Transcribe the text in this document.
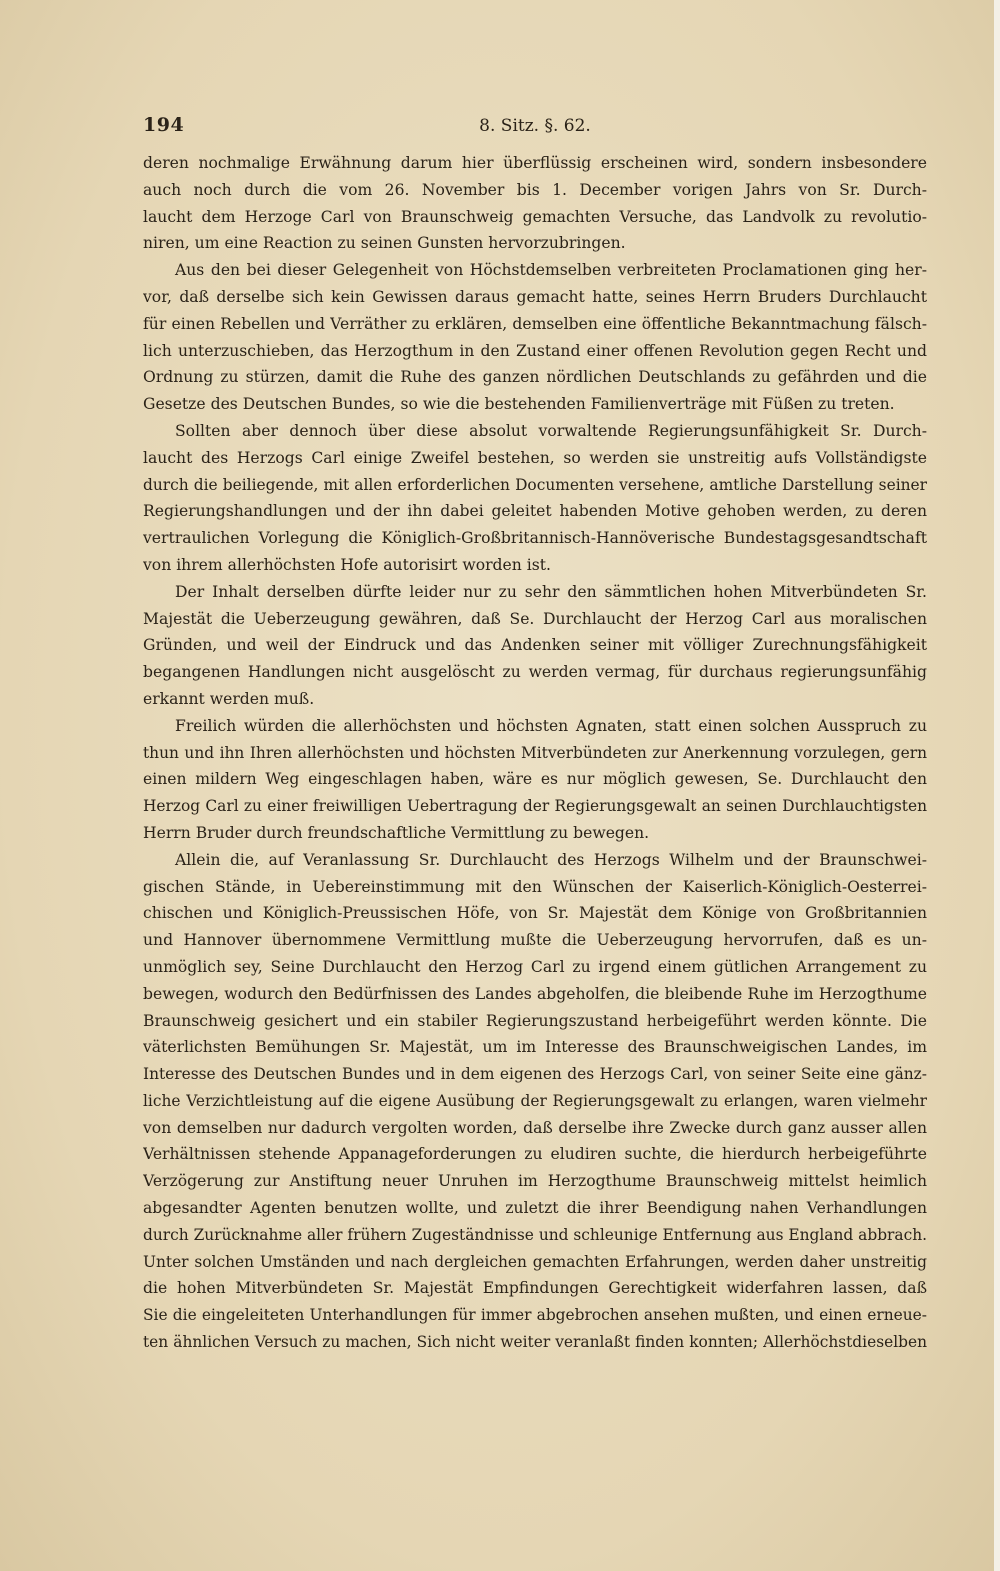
194	8. Sitz. §. 62.
deren nochmalige Erwähnung darum hier überflüssig erscheinen wird, sondern insbesondere
auch noch durch die vom 26. November bis 1. December vorigen Jahrs von Sr. Durch-
laucht dem Herzoge Carl von Braunschweig gemachten Versuche, das Landvolk zu revolutio-
niren, um eine Reaction zu seinen Gunsten hervorzubringen.
Aus den bei dieser Gelegenheit von Höchstdemselben verbreiteten Proclamationen ging her-
vor, daß derselbe sich kein Gewissen daraus gemacht hatte, seines Herrn Bruders Durchlaucht
für einen Rebellen und Verräther zu erklären, demselben eine öffentliche Bekanntmachung fälsch-
lich unterzuschieben, das Herzogthum in den Zustand einer offenen Revolution gegen Recht und
Ordnung zu stürzen, damit die Ruhe des ganzen nördlichen Deutschlands zu gefährden und die
Gesetze des Deutschen Bundes, so wie die bestehenden Familienverträge mit Füßen zu treten.
Sollten aber dennoch über diese absolut vorwaltende Regierungsunfähigkeit Sr. Durch-
laucht des Herzogs Carl einige Zweifel bestehen, so werden sie unstreitig aufs Vollständigste
durch die beiliegende, mit allen erforderlichen Documenten versehene, amtliche Darstellung seiner
Regierungshandlungen und der ihn dabei geleitet habenden Motive gehoben werden, zu deren
vertraulichen Vorlegung die Königlich-Großbritannisch-Hannöverische Bundestagsgesandtschaft
von ihrem allerhöchsten Hofe autorisirt worden ist.
Der Inhalt derselben dürfte leider nur zu sehr den sämmtlichen hohen Mitverbündeten Sr.
Majestät die Ueberzeugung gewähren, daß Se. Durchlaucht der Herzog Carl aus moralischen
Gründen, und weil der Eindruck und das Andenken seiner mit völliger Zurechnungsfähigkeit
begangenen Handlungen nicht ausgelöscht zu werden vermag, für durchaus regierungsunfähig
erkannt werden muß.
Freilich würden die allerhöchsten und höchsten Agnaten, statt einen solchen Ausspruch zu
thun und ihn Ihren allerhöchsten und höchsten Mitverbündeten zur Anerkennung vorzulegen, gern
einen mildern Weg eingeschlagen haben, wäre es nur möglich gewesen, Se. Durchlaucht den
Herzog Carl zu einer freiwilligen Uebertragung der Regierungsgewalt an seinen Durchlauchtigsten
Herrn Bruder durch freundschaftliche Vermittlung zu bewegen.
Allein die, auf Veranlassung Sr. Durchlaucht des Herzogs Wilhelm und der Braunschwei-
gischen Stände, in Uebereinstimmung mit den Wünschen der Kaiserlich-Königlich-Oesterrei-
chischen und Königlich-Preussischen Höfe, von Sr. Majestät dem Könige von Großbritannien
und Hannover übernommene Vermittlung mußte die Ueberzeugung hervorrufen, daß es un-
unmöglich sey, Seine Durchlaucht den Herzog Carl zu irgend einem gütlichen Arrangement zu
bewegen, wodurch den Bedürfnissen des Landes abgeholfen, die bleibende Ruhe im Herzogthume
Braunschweig gesichert und ein stabiler Regierungszustand herbeigeführt werden könnte. Die
väterlichsten Bemühungen Sr. Majestät, um im Interesse des Braunschweigischen Landes, im
Interesse des Deutschen Bundes und in dem eigenen des Herzogs Carl, von seiner Seite eine gänz-
liche Verzichtleistung auf die eigene Ausübung der Regierungsgewalt zu erlangen, waren vielmehr
von demselben nur dadurch vergolten worden, daß derselbe ihre Zwecke durch ganz ausser allen
Verhältnissen stehende Appanageforderungen zu eludiren suchte, die hierdurch herbeigeführte
Verzögerung zur Anstiftung neuer Unruhen im Herzogthume Braunschweig mittelst heimlich
abgesandter Agenten benutzen wollte, und zuletzt die ihrer Beendigung nahen Verhandlungen
durch Zurücknahme aller frühern Zugeständnisse und schleunige Entfernung aus England abbrach.
Unter solchen Umständen und nach dergleichen gemachten Erfahrungen, werden daher unstreitig
die hohen Mitverbündeten Sr. Majestät Empfindungen Gerechtigkeit widerfahren lassen, daß
Sie die eingeleiteten Unterhandlungen für immer abgebrochen ansehen mußten, und einen erneue-
ten ähnlichen Versuch zu machen, Sich nicht weiter veranlaßt finden konnten; Allerhöchstdieselben
